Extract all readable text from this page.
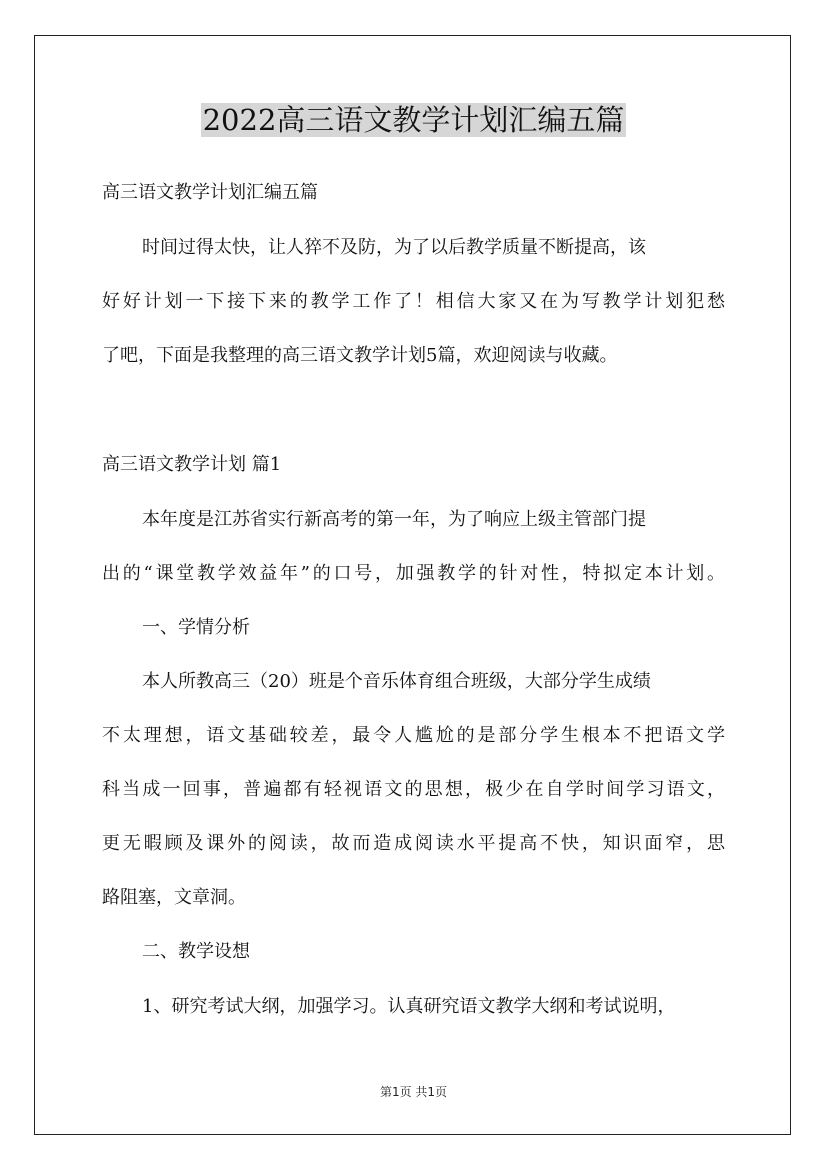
2022高三语文教学计划汇编五篇
高三语文教学计划汇编五篇
时间过得太快，让人猝不及防，为了以后教学质量不断提高，该
好好计划一下接下来的教学工作了！相信大家又在为写教学计划犯愁
了吧，下面是我整理的高三语文教学计划5篇，欢迎阅读与收藏。
高三语文教学计划 篇1
本年度是江苏省实行新高考的第一年，为了响应上级主管部门提
出的“课堂教学效益年”的口号，加强教学的针对性，特拟定本计划。
一、学情分析
本人所教高三（20）班是个音乐体育组合班级，大部分学生成绩
不太理想，语文基础较差，最令人尴尬的是部分学生根本不把语文学
科当成一回事，普遍都有轻视语文的思想，极少在自学时间学习语文，
更无暇顾及课外的阅读，故而造成阅读水平提高不快，知识面窄，思
路阻塞，文章洞。
二、教学设想
1、研究考试大纲，加强学习。认真研究语文教学大纲和考试说明，
第1页 共1页
